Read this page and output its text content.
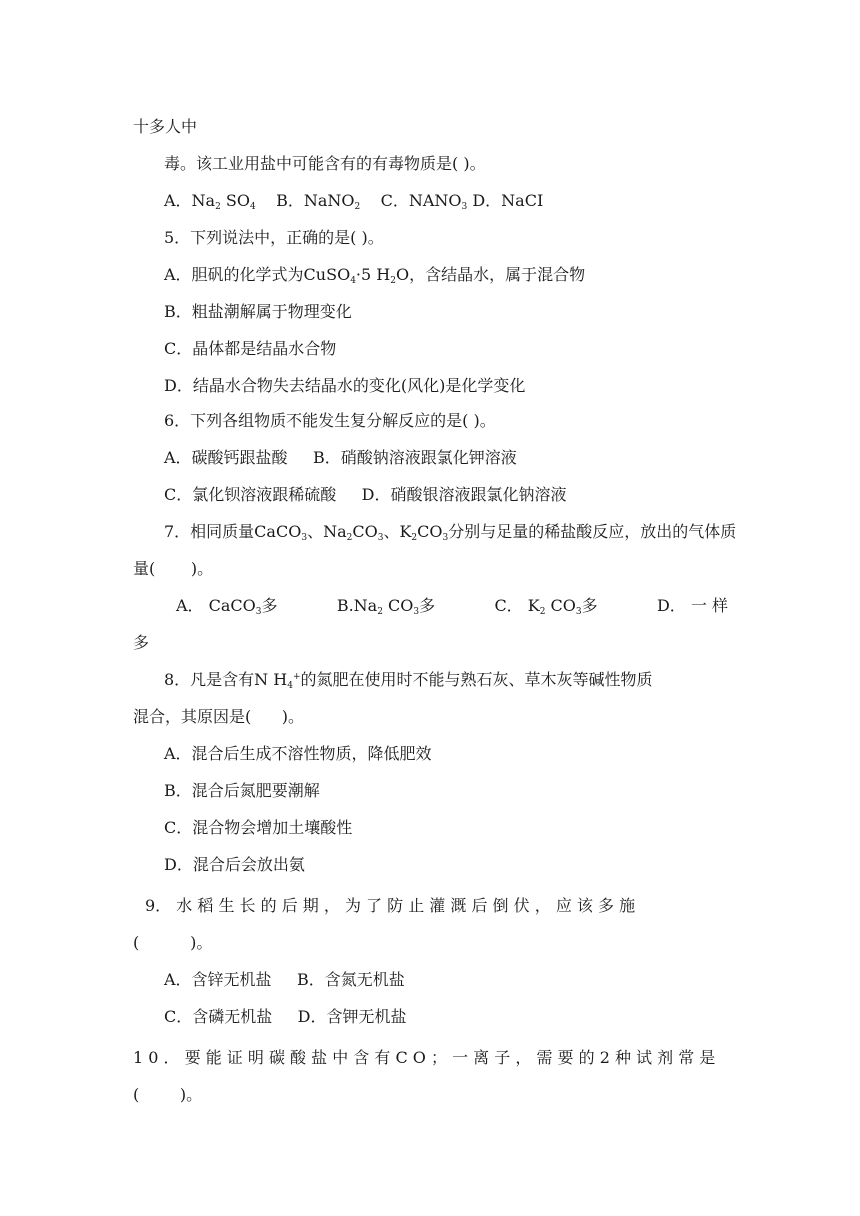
十多人中
毒。该工业用盐中可能含有的有毒物质是( )。
A．$Na_2$ $SO_4$    B．NaNO$_2$    C．$NANO_3$ D．NaCI
5．下列说法中，正确的是( )。
A．胆矾的化学式为CuSO$_4$·5 $H_2O$，含结晶水，属于混合物
B．粗盐潮解属于物理变化
C．晶体都是结晶水合物
D．结晶水合物失去结晶水的变化(风化)是化学变化
6．下列各组物质不能发生复分解反应的是( )。
A．碳酸钙跟盐酸     B．硝酸钠溶液跟氯化钾溶液
C．氯化钡溶液跟稀硫酸     D．硝酸银溶液跟氯化钠溶液
7．相同质量CaCO$_3$、$Na_2CO_3$、$K_2CO_3$分别与足量的稀盐酸反应，放出的气体质
量(       )。
A． CaCO$_3$多	$B.Na_2$ $CO_3$多	C． $K_2$ $CO_3$多	D． 一 样
多
8．凡是含有N $H_4^+$的氮肥在使用时不能与熟石灰、草木灰等碱性物质
混合，其原因是(      )。
A．混合后生成不溶性物质，降低肥效
B．混合后氮肥要潮解
C．混合物会增加土壤酸性
D．混合后会放出氨
9． 水 稻 生 长 的 后 期 ， 为 了 防 止 灌 溉 后 倒 伏 ， 应 该 多 施
(          )。
A．含锌无机盐     B．含氮无机盐
C．含磷无机盐     D．含钾无机盐
1 0 ． 要 能 证 明 碳 酸 盐 中 含 有 C O ； 一 离 子 ， 需 要 的 2 种 试 剂 常 是
(        )。
